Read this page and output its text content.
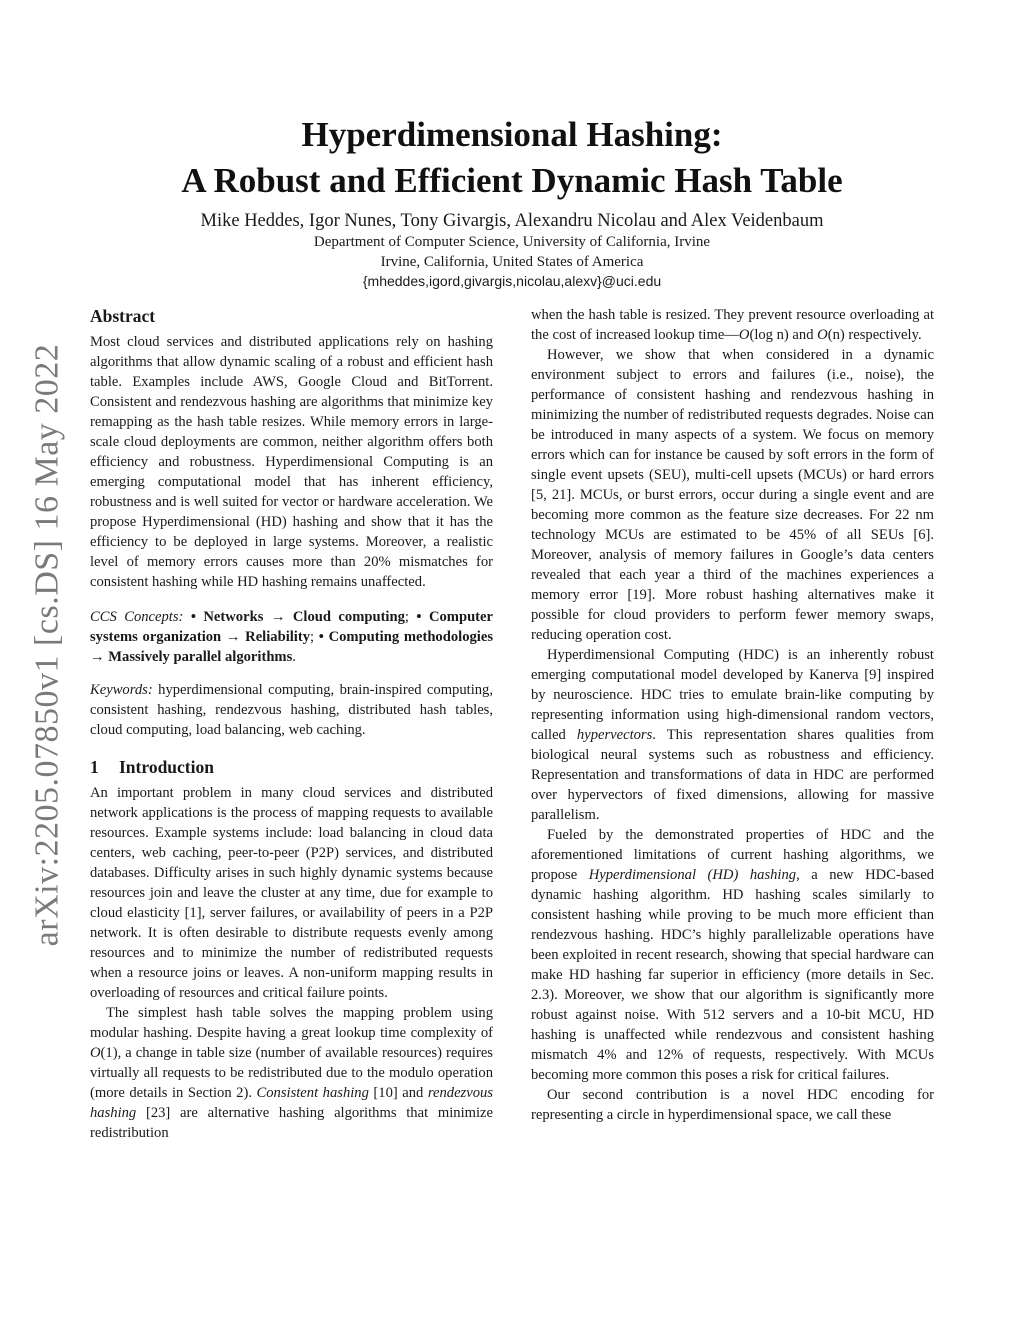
arXiv:2205.07850v1 [cs.DS] 16 May 2022
Hyperdimensional Hashing:
A Robust and Efficient Dynamic Hash Table
Mike Heddes, Igor Nunes, Tony Givargis, Alexandru Nicolau and Alex Veidenbaum
Department of Computer Science, University of California, Irvine
Irvine, California, United States of America
{mheddes,igord,givargis,nicolau,alexv}@uci.edu
Abstract

Most cloud services and distributed applications rely on hashing algorithms that allow dynamic scaling of a robust and efficient hash table. Examples include AWS, Google Cloud and BitTorrent. Consistent and rendezvous hashing are algorithms that minimize key remapping as the hash table resizes. While memory errors in large-scale cloud deployments are common, neither algorithm offers both efficiency and robustness. Hyperdimensional Computing is an emerging computational model that has inherent efficiency, robustness and is well suited for vector or hardware acceleration. We propose Hyperdimensional (HD) hashing and show that it has the efficiency to be deployed in large systems. Moreover, a realistic level of memory errors causes more than 20% mismatches for consistent hashing while HD hashing remains unaffected.

CCS Concepts: • Networks → Cloud computing; • Computer systems organization → Reliability; • Computing methodologies → Massively parallel algorithms.

Keywords: hyperdimensional computing, brain-inspired computing, consistent hashing, rendezvous hashing, distributed hash tables, cloud computing, load balancing, web caching.

1 Introduction

An important problem in many cloud services and distributed network applications is the process of mapping requests to available resources. Example systems include: load balancing in cloud data centers, web caching, peer-to-peer (P2P) services, and distributed databases. Difficulty arises in such highly dynamic systems because resources join and leave the cluster at any time, due for example to cloud elasticity [1], server failures, or availability of peers in a P2P network. It is often desirable to distribute requests evenly among resources and to minimize the number of redistributed requests when a resource joins or leaves. A non-uniform mapping results in overloading of resources and critical failure points.

The simplest hash table solves the mapping problem using modular hashing. Despite having a great lookup time complexity of O(1), a change in table size (number of available resources) requires virtually all requests to be redistributed due to the modulo operation (more details in Section 2). Consistent hashing [10] and rendezvous hashing [23] are alternative hashing algorithms that minimize redistribution

when the hash table is resized. They prevent resource overloading at the cost of increased lookup time—O(log n) and O(n) respectively.

However, we show that when considered in a dynamic environment subject to errors and failures (i.e., noise), the performance of consistent hashing and rendezvous hashing in minimizing the number of redistributed requests degrades. Noise can be introduced in many aspects of a system. We focus on memory errors which can for instance be caused by soft errors in the form of single event upsets (SEU), multi-cell upsets (MCUs) or hard errors [5, 21]. MCUs, or burst errors, occur during a single event and are becoming more common as the feature size decreases. For 22 nm technology MCUs are estimated to be 45% of all SEUs [6]. Moreover, analysis of memory failures in Google’s data centers revealed that each year a third of the machines experiences a memory error [19]. More robust hashing alternatives make it possible for cloud providers to perform fewer memory swaps, reducing operation cost.

Hyperdimensional Computing (HDC) is an inherently robust emerging computational model developed by Kanerva [9] inspired by neuroscience. HDC tries to emulate brain-like computing by representing information using high-dimensional random vectors, called hypervectors. This representation shares qualities from biological neural systems such as robustness and efficiency. Representation and transformations of data in HDC are performed over hypervectors of fixed dimensions, allowing for massive parallelism.

Fueled by the demonstrated properties of HDC and the aforementioned limitations of current hashing algorithms, we propose Hyperdimensional (HD) hashing, a new HDC-based dynamic hashing algorithm. HD hashing scales similarly to consistent hashing while proving to be much more efficient than rendezvous hashing. HDC’s highly parallelizable operations have been exploited in recent research, showing that special hardware can make HD hashing far superior in efficiency (more details in Sec. 2.3). Moreover, we show that our algorithm is significantly more robust against noise. With 512 servers and a 10-bit MCU, HD hashing is unaffected while rendezvous and consistent hashing mismatch 4% and 12% of requests, respectively. With MCUs becoming more common this poses a risk for critical failures.

Our second contribution is a novel HDC encoding for representing a circle in hyperdimensional space, we call these
